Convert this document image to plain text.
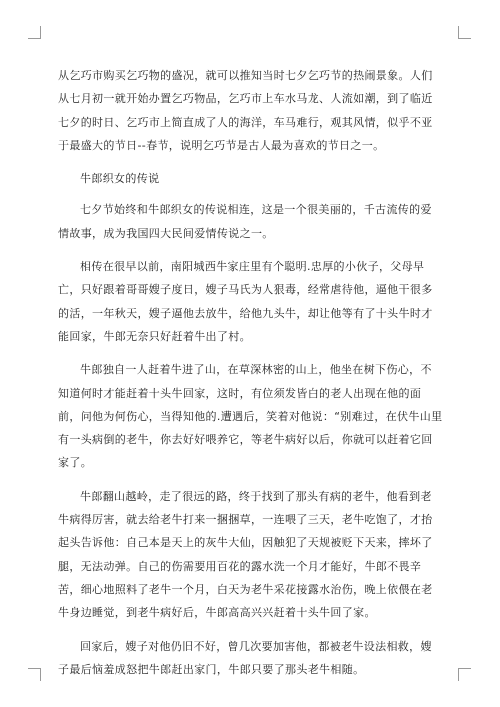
从乞巧市购买乞巧物的盛况，就可以推知当时七夕乞巧节的热闹景象。人们从七月初一就开始办置乞巧物品，乞巧市上车水马龙、人流如潮，到了临近七夕的时日、乞巧市上简直成了人的海洋，车马难行，观其风情，似乎不亚于最盛大的节日--春节，说明乞巧节是古人最为喜欢的节日之一。

牛郎织女的传说

七夕节始终和牛郎织女的传说相连，这是一个很美丽的，千古流传的爱情故事，成为我国四大民间爱情传说之一。

相传在很早以前，南阳城西牛家庄里有个聪明.忠厚的小伙子，父母早亡，只好跟着哥哥嫂子度日，嫂子马氏为人狠毒，经常虐待他，逼他干很多的活，一年秋天，嫂子逼他去放牛，给他九头牛，却让他等有了十头牛时才能回家，牛郎无奈只好赶着牛出了村。

牛郎独自一人赶着牛进了山，在草深林密的山上，他坐在树下伤心，不知道何时才能赶着十头牛回家，这时，有位须发皆白的老人出现在他的面前，问他为何伤心，当得知他的.遭遇后，笑着对他说：“别难过，在伏牛山里有一头病倒的老牛，你去好好喂养它，等老牛病好以后，你就可以赶着它回家了。

牛郎翻山越岭，走了很远的路，终于找到了那头有病的老牛，他看到老牛病得厉害，就去给老牛打来一捆捆草，一连喂了三天，老牛吃饱了，才抬起头告诉他：自己本是天上的灰牛大仙，因触犯了天规被贬下天来，摔坏了腿，无法动弹。自己的伤需要用百花的露水洗一个月才能好，牛郎不畏辛苦，细心地照料了老牛一个月，白天为老牛采花接露水治伤，晚上依偎在老牛身边睡觉，到老牛病好后，牛郎高高兴兴赶着十头牛回了家。

回家后，嫂子对他仍旧不好，曾几次要加害他，都被老牛设法相救，嫂子最后恼羞成怒把牛郎赶出家门，牛郎只要了那头老牛相随。
